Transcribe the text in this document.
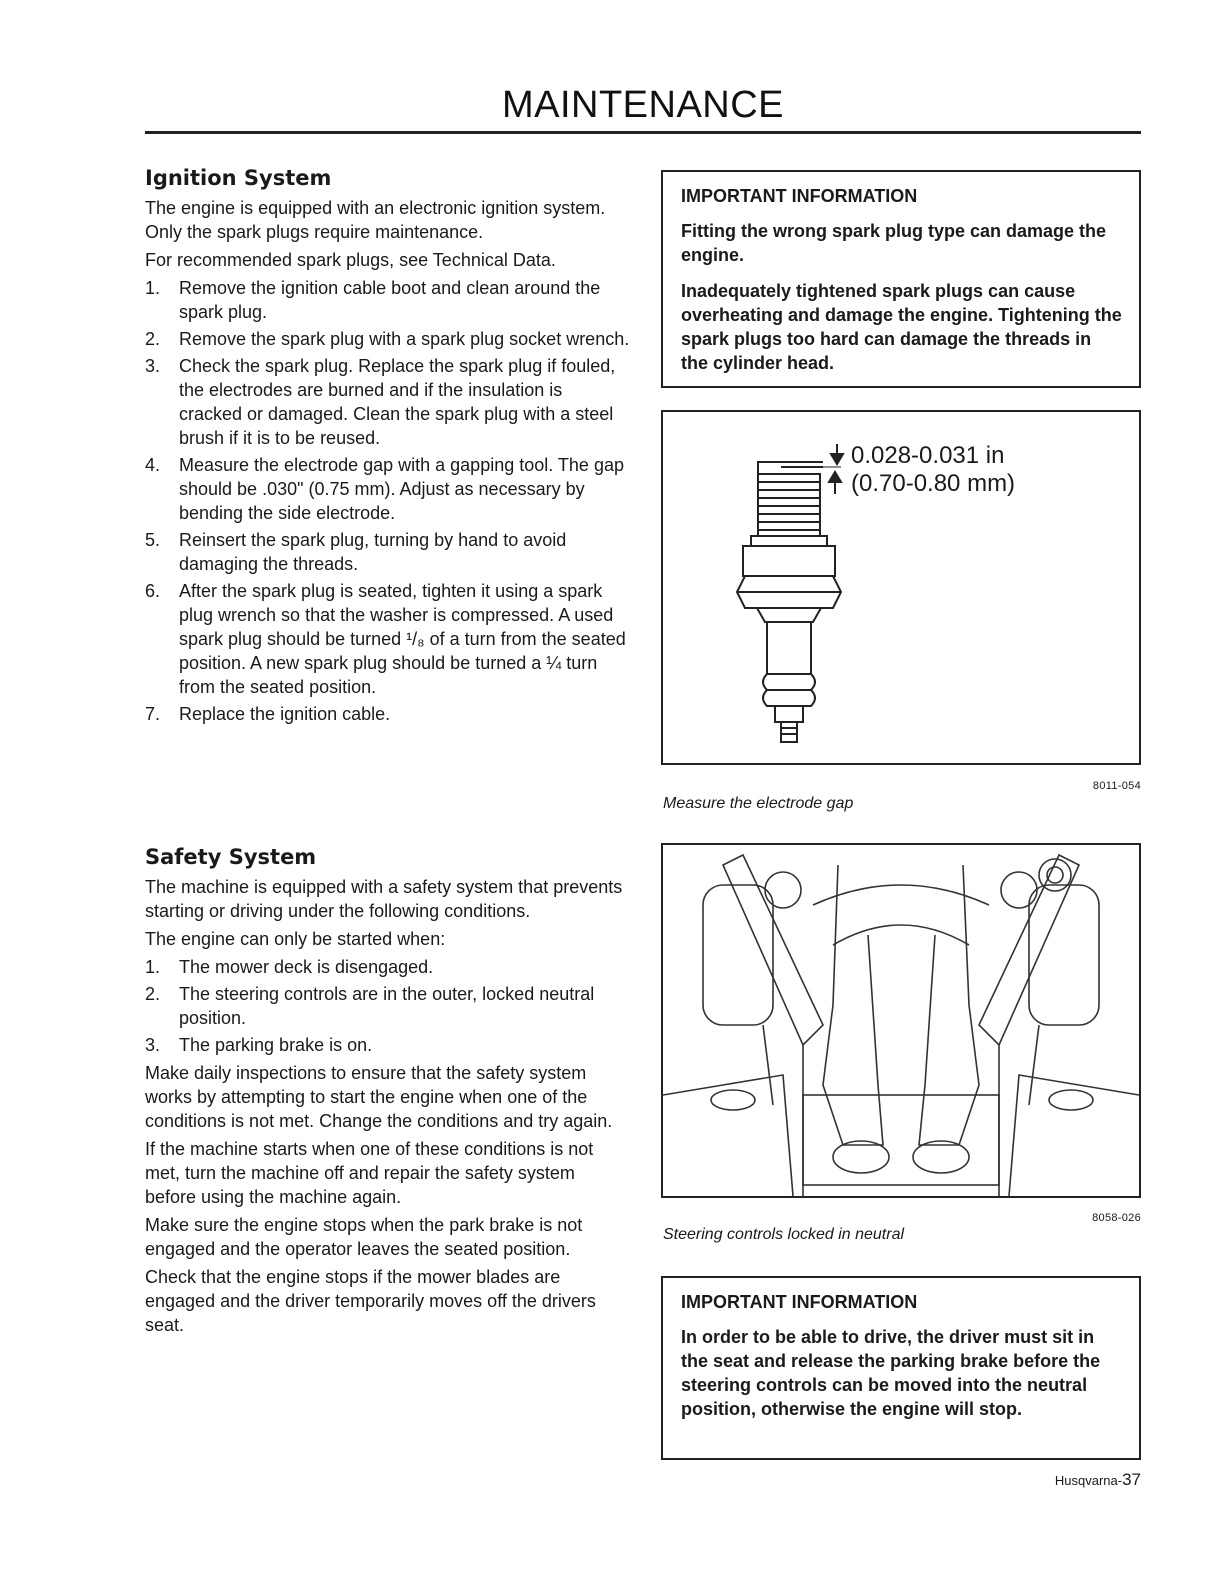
MAINTENANCE
Ignition System

The engine is equipped with an electronic ignition system. Only the spark plugs require maintenance.

For recommended spark plugs, see Technical Data.

1. Remove the ignition cable boot and clean around the spark plug.
2. Remove the spark plug with a spark plug socket wrench.
3. Check the spark plug. Replace the spark plug if fouled, the electrodes are burned and if the insulation is cracked or damaged. Clean the spark plug with a steel brush if it is to be reused.
4. Measure the electrode gap with a gapping tool. The gap should be .030" (0.75 mm). Adjust as necessary by bending the side electrode.
5. Reinsert the spark plug, turning by hand to avoid damaging the threads.
6. After the spark plug is seated, tighten it using a spark plug wrench so that the washer is compressed. A used spark plug should be turned ¹/₈ of a turn from the seated position. A new spark plug should be turned a ¼ turn from the seated position.
7. Replace the ignition cable.
Safety System

The machine is equipped with a safety system that prevents starting or driving under the following conditions.

The engine can only be started when:

1. The mower deck is disengaged.
2. The steering controls are in the outer, locked neutral position.
3. The parking brake is on.

Make daily inspections to ensure that the safety system works by attempting to start the engine when one of the conditions is not met. Change the conditions and try again.

If the machine starts when one of these conditions is not met, turn the machine off and repair the safety system before using the machine again.

Make sure the engine stops when the park brake is not engaged and the operator leaves the seated position.

Check that the engine stops if the mower blades are engaged and the driver temporarily moves off the drivers seat.

IMPORTANT INFORMATION
Fitting the wrong spark plug type can damage the engine.
Inadequately tightened spark plugs can cause overheating and damage the engine. Tightening the spark plugs too hard can damage the threads in the cylinder head.
0.028-0.031 in
(0.70-0.80 mm)
8011-054
Measure the electrode gap
8058-026
Steering controls locked in neutral
IMPORTANT INFORMATION
In order to be able to drive, the driver must sit in the seat and release the parking brake before the steering controls can be moved into the neutral position, otherwise the engine will stop.
Husqvarna-37
